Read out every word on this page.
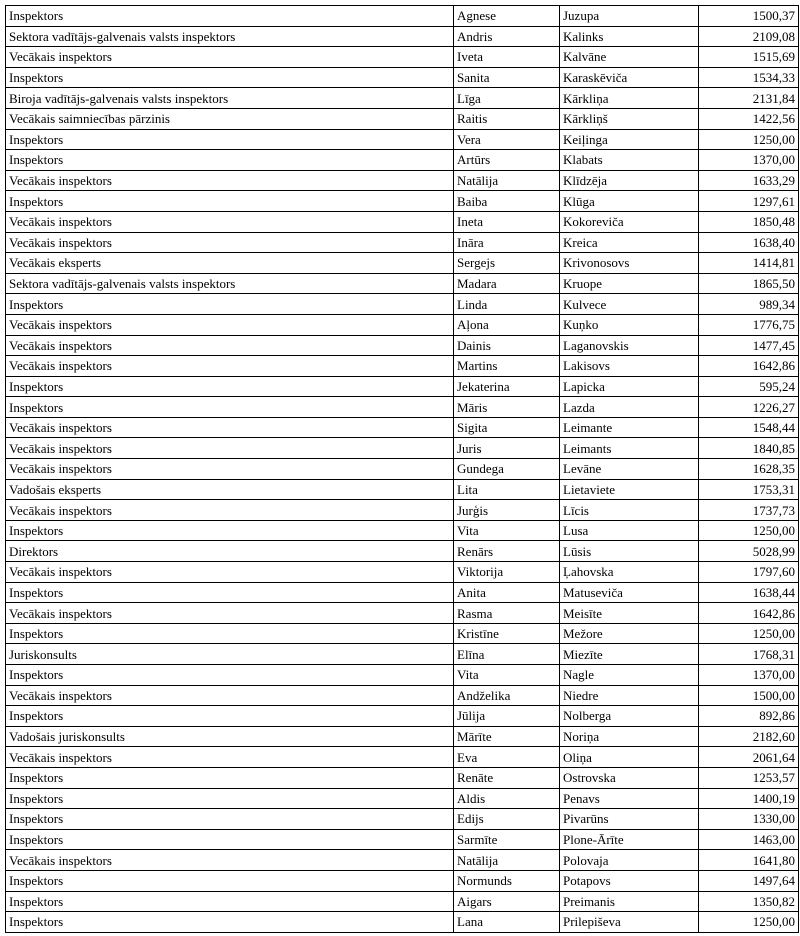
Inspektors	Agnese	Juzupa	1500,37
Sektora vadītājs-galvenais valsts inspektors	Andris	Kalinks	2109,08
Vecākais inspektors	Iveta	Kalvāne	1515,69
Inspektors	Sanita	Karaskēviča	1534,33
Biroja vadītājs-galvenais valsts inspektors	Līga	Kārkliņa	2131,84
Vecākais saimniecības pārzinis	Raitis	Kārkliņš	1422,56
Inspektors	Vera	Keiļinga	1250,00
Inspektors	Artūrs	Klabats	1370,00
Vecākais inspektors	Natālija	Klīdzēja	1633,29
Inspektors	Baiba	Klūga	1297,61
Vecākais inspektors	Ineta	Kokoreviča	1850,48
Vecākais inspektors	Ināra	Kreica	1638,40
Vecākais eksperts	Sergejs	Krivonosovs	1414,81
Sektora vadītājs-galvenais valsts inspektors	Madara	Kruope	1865,50
Inspektors	Linda	Kulvece	989,34
Vecākais inspektors	Aļona	Kuņko	1776,75
Vecākais inspektors	Dainis	Laganovskis	1477,45
Vecākais inspektors	Martins	Lakisovs	1642,86
Inspektors	Jekaterina	Lapicka	595,24
Inspektors	Māris	Lazda	1226,27
Vecākais inspektors	Sigita	Leimante	1548,44
Vecākais inspektors	Juris	Leimants	1840,85
Vecākais inspektors	Gundega	Levāne	1628,35
Vadošais eksperts	Lita	Lietaviete	1753,31
Vecākais inspektors	Jurģis	Līcis	1737,73
Inspektors	Vita	Lusa	1250,00
Direktors	Renārs	Lūsis	5028,99
Vecākais inspektors	Viktorija	Ļahovska	1797,60
Inspektors	Anita	Matuseviča	1638,44
Vecākais inspektors	Rasma	Meisīte	1642,86
Inspektors	Kristīne	Mežore	1250,00
Juriskonsults	Elīna	Miezīte	1768,31
Inspektors	Vita	Nagle	1370,00
Vecākais inspektors	Andželika	Niedre	1500,00
Inspektors	Jūlija	Nolberga	892,86
Vadošais juriskonsults	Mārīte	Noriņa	2182,60
Vecākais inspektors	Eva	Oliņa	2061,64
Inspektors	Renāte	Ostrovska	1253,57
Inspektors	Aldis	Penavs	1400,19
Inspektors	Edijs	Pivarūns	1330,00
Inspektors	Sarmīte	Plone-Ārīte	1463,00
Vecākais inspektors	Natālija	Polovaja	1641,80
Inspektors	Normunds	Potapovs	1497,64
Inspektors	Aigars	Preimanis	1350,82
Inspektors	Lana	Prilepiševa	1250,00
